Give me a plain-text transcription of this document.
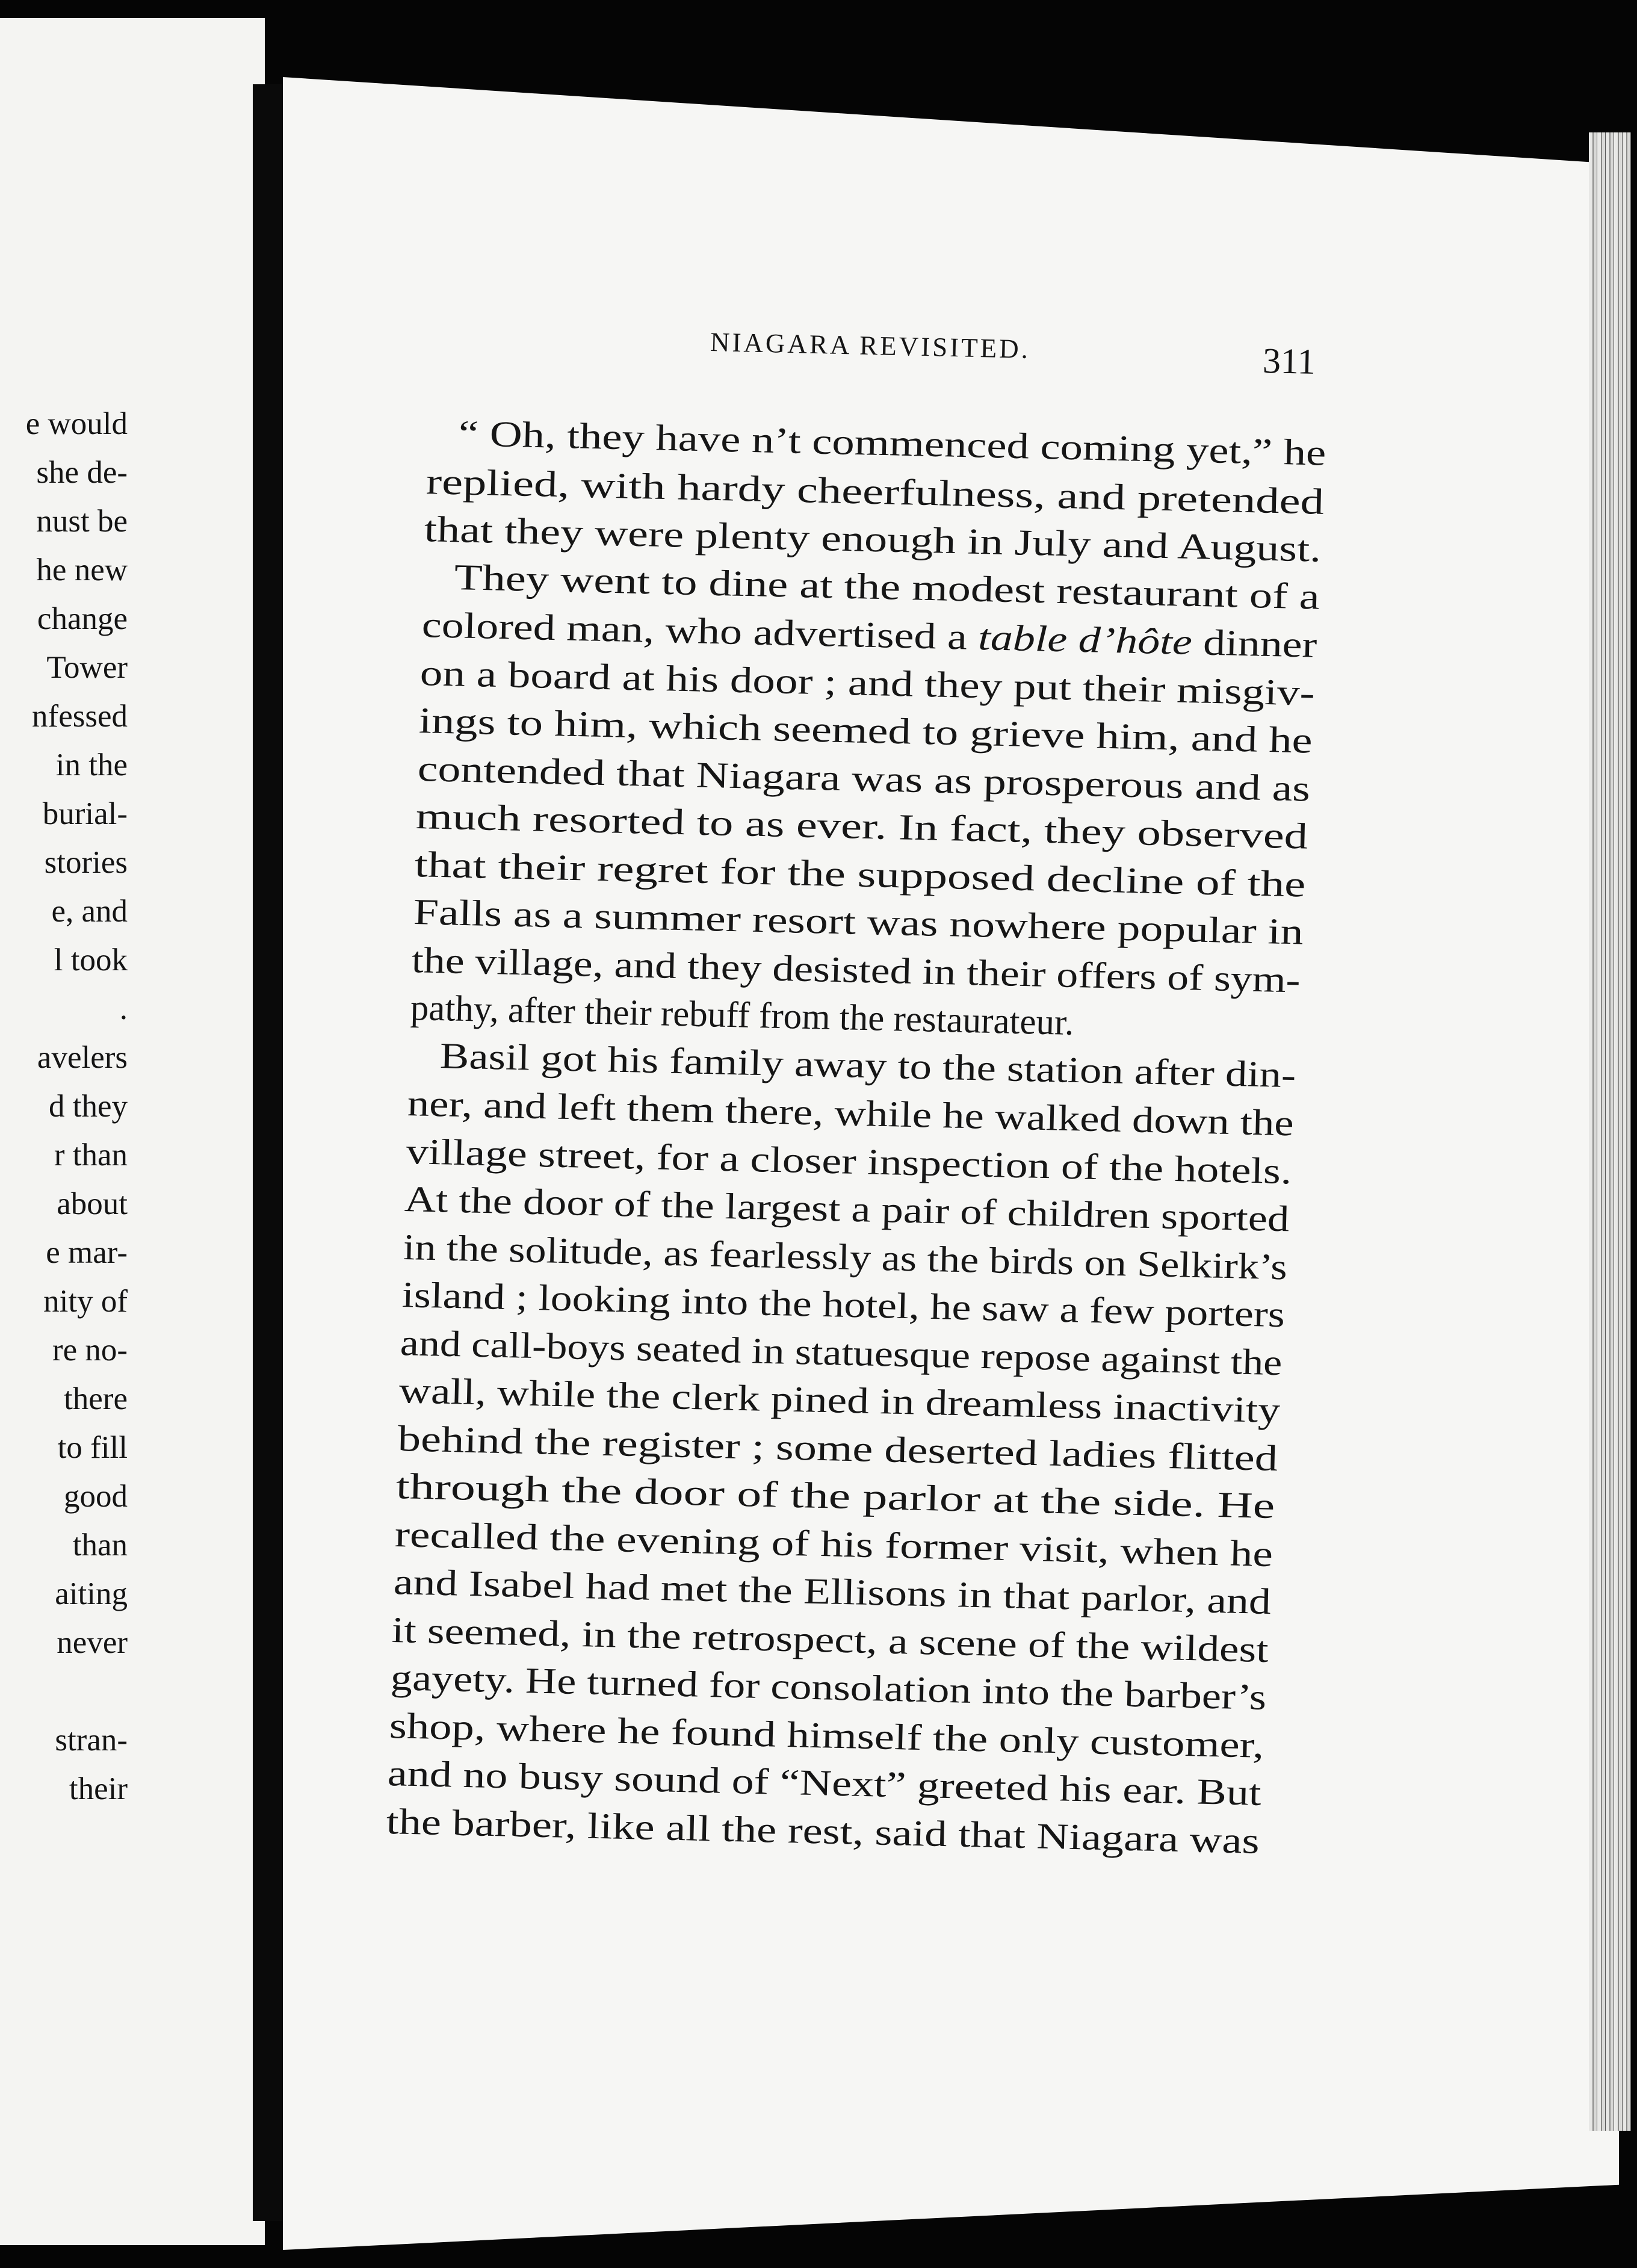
e would
she de-
nust be
he new
change
Tower
nfessed
in the
burial-
stories
e, and
l took
.
avelers
d they
r than
about
e mar-
nity of
re no-
there
to fill
good
than
aiting
never
stran-
their
NIAGARA REVISITED.	311
“ Oh, they have n’t commenced coming yet,” he
replied, with hardy cheerfulness, and pretended
that they were plenty enough in July and August.
They went to dine at the modest restaurant of a
colored man, who advertised a table d’hôte dinner
on a board at his door ; and they put their misgiv-
ings to him, which seemed to grieve him, and he
contended that Niagara was as prosperous and as
much resorted to as ever. In fact, they observed
that their regret for the supposed decline of the
Falls as a summer resort was nowhere popular in
the village, and they desisted in their offers of sym-
pathy, after their rebuff from the restaurateur.
Basil got his family away to the station after din-
ner, and left them there, while he walked down the
village street, for a closer inspection of the hotels.
At the door of the largest a pair of children sported
in the solitude, as fearlessly as the birds on Selkirk’s
island ; looking into the hotel, he saw a few porters
and call-boys seated in statuesque repose against the
wall, while the clerk pined in dreamless inactivity
behind the register ; some deserted ladies flitted
through the door of the parlor at the side. He
recalled the evening of his former visit, when he
and Isabel had met the Ellisons in that parlor, and
it seemed, in the retrospect, a scene of the wildest
gayety. He turned for consolation into the barber’s
shop, where he found himself the only customer,
and no busy sound of “Next” greeted his ear. But
the barber, like all the rest, said that Niagara was
